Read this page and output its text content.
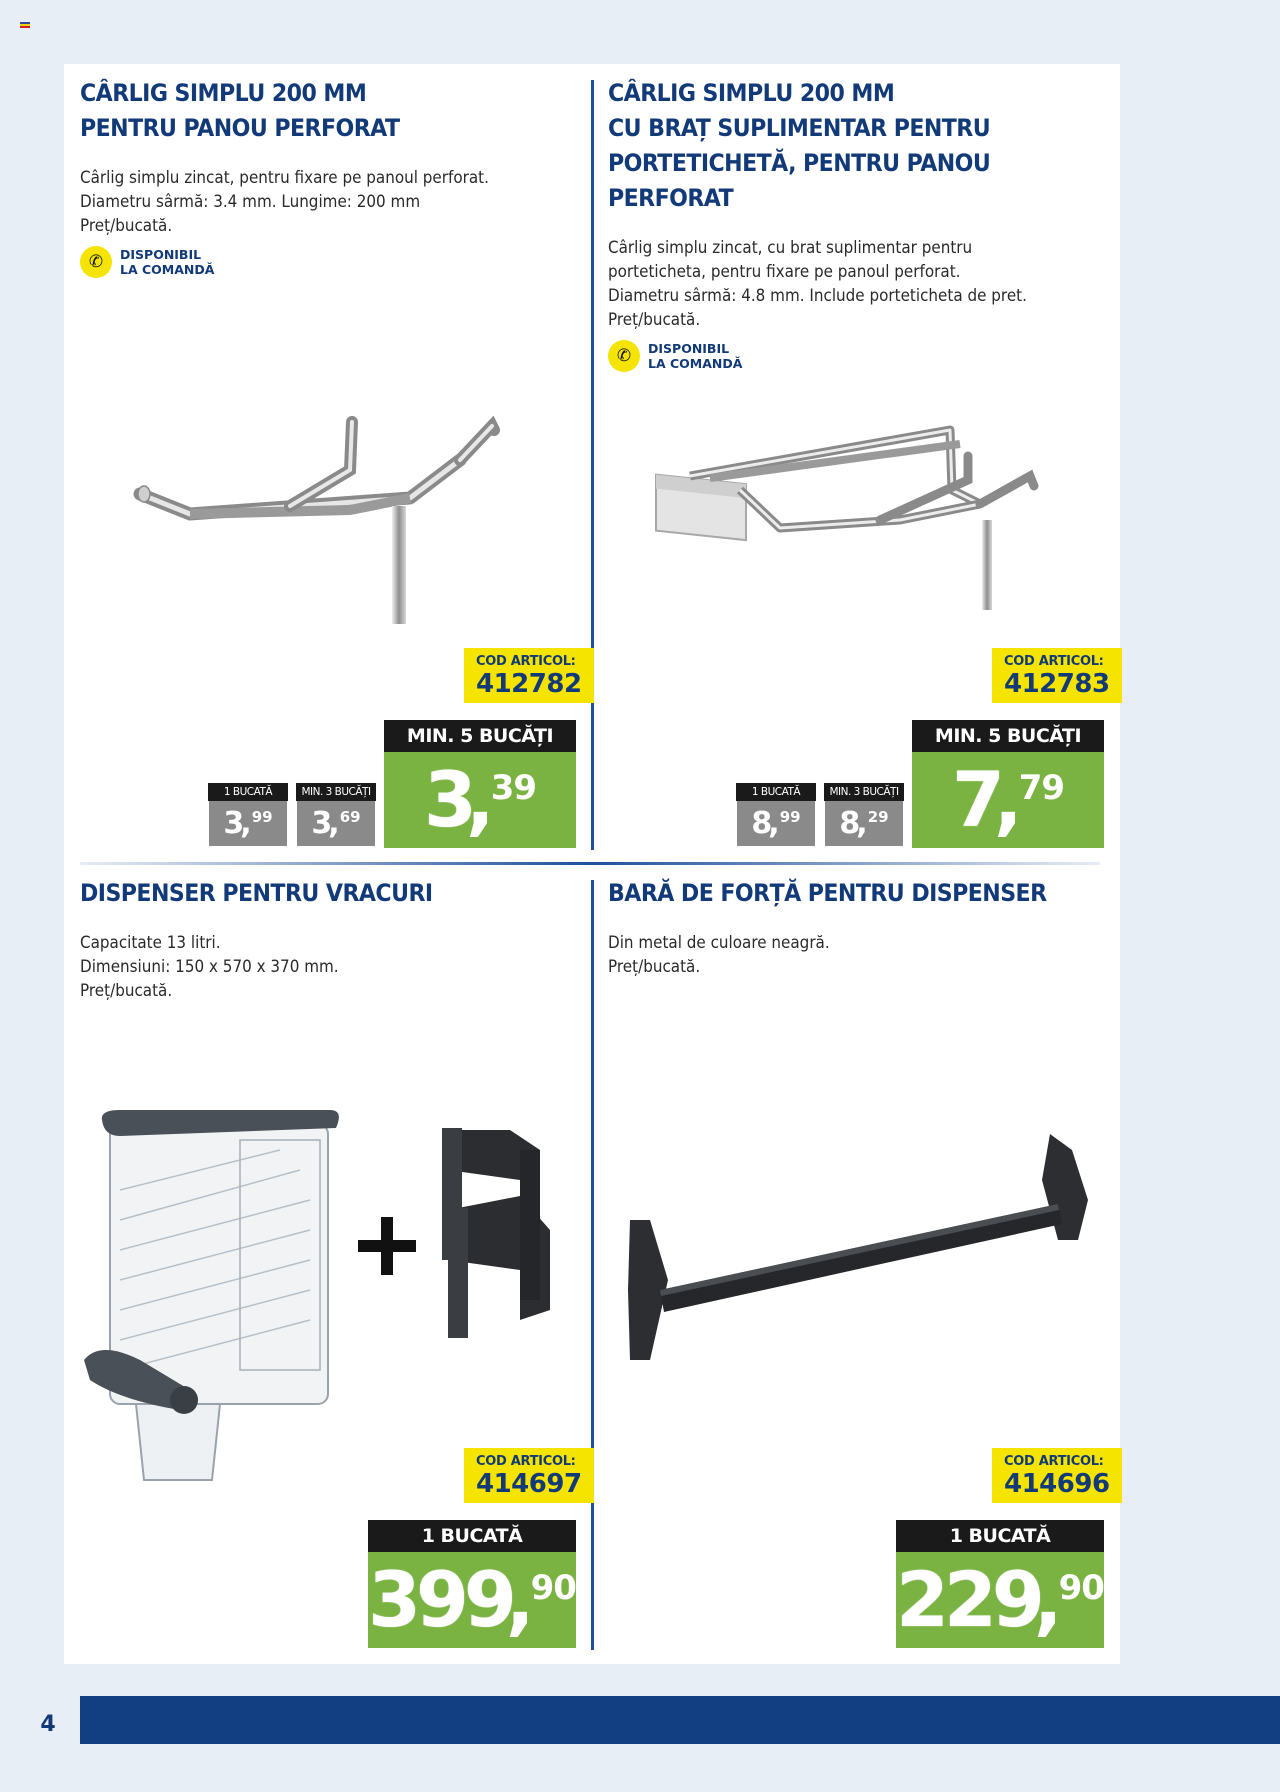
CÂRLIG SIMPLU 200 MM
PENTRU PANOU PERFORAT
Cârlig simplu zincat, pentru fixare pe panoul perforat.
Diametru sârmă: 3.4 mm. Lungime: 200 mm
Preț/bucată.
✆	DISPONIBIL
LA COMANDĂ
COD ARTICOL:
412782
1 BUCATĂ
3
, 99
MIN. 3 BUCĂȚI
3
, 69
MIN. 5 BUCĂȚI
3
,
39
CÂRLIG SIMPLU 200 MM
CU BRAȚ SUPLIMENTAR PENTRU
PORTETICHETĂ, PENTRU PANOU
PERFORAT
Cârlig simplu zincat, cu brat suplimentar pentru
porteticheta, pentru fixare pe panoul perforat.
Diametru sârmă: 4.8 mm. Include porteticheta de pret.
Preț/bucată.
✆	DISPONIBIL
LA COMANDĂ
COD ARTICOL:
412783
1 BUCATĂ
8
, 99
MIN. 3 BUCĂȚI
8
, 29
MIN. 5 BUCĂȚI
7
,
79
DISPENSER PENTRU VRACURI
Capacitate 13 litri.
Dimensiuni: 150 x 570 x 370 mm.
Preț/bucată.
COD ARTICOL:
414697
1 BUCATĂ
399
,
90
BARĂ DE FORȚĂ PENTRU DISPENSER
Din metal de culoare neagră.
Preț/bucată.
COD ARTICOL:
414696
1 BUCATĂ
229
,
90
4
